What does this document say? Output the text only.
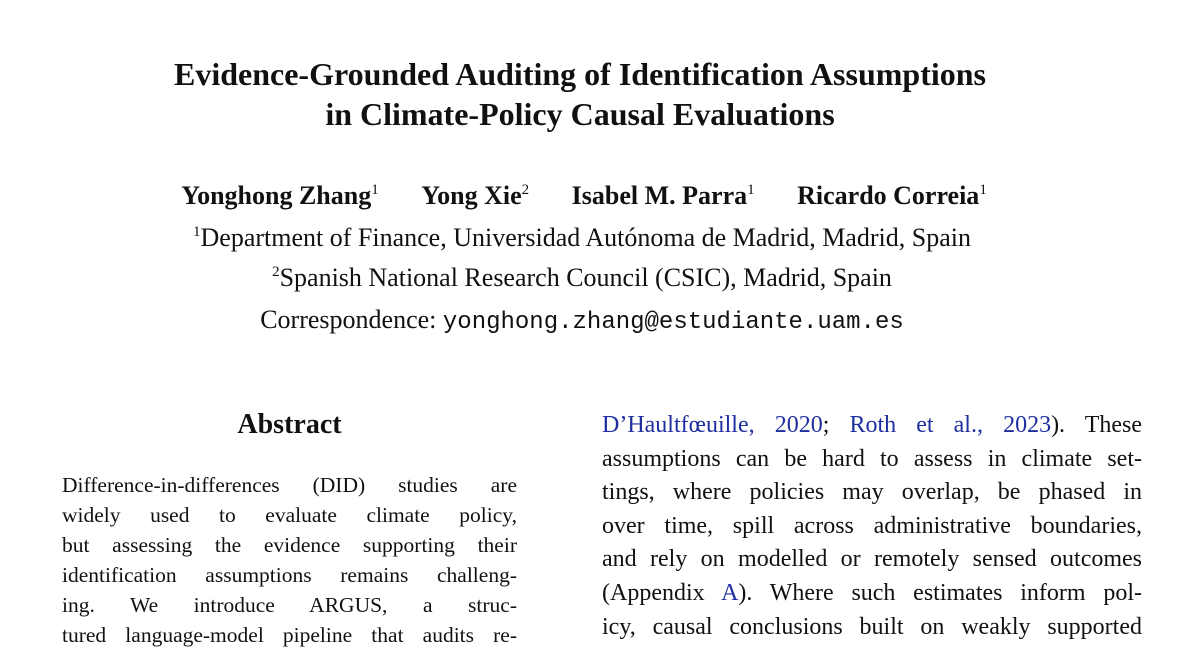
Evidence-Grounded Auditing of Identification Assumptions
in Climate-Policy Causal Evaluations
Yonghong Zhang$^1$ Yong Xie$^2$ Isabel M. Parra$^1$ Ricardo Correia$^1$
$^1$Department of Finance, Universidad Autónoma de Madrid, Madrid, Spain
$^2$Spanish National Research Council (CSIC), Madrid, Spain
Correspondence: yonghong.zhang@estudiante.uam.es
Abstract
Difference-in-differences (DID) studies are
widely used to evaluate climate policy,
but assessing the evidence supporting their
identification assumptions remains challeng-
ing. We introduce ARGUS, a struc-
tured language-model pipeline that audits re-
D’Haultfœuille, 2020; Roth et al., 2023). These
assumptions can be hard to assess in climate set-
tings, where policies may overlap, be phased in
over time, spill across administrative boundaries,
and rely on modelled or remotely sensed outcomes
(Appendix A). Where such estimates inform pol-
icy, causal conclusions built on weakly supported
